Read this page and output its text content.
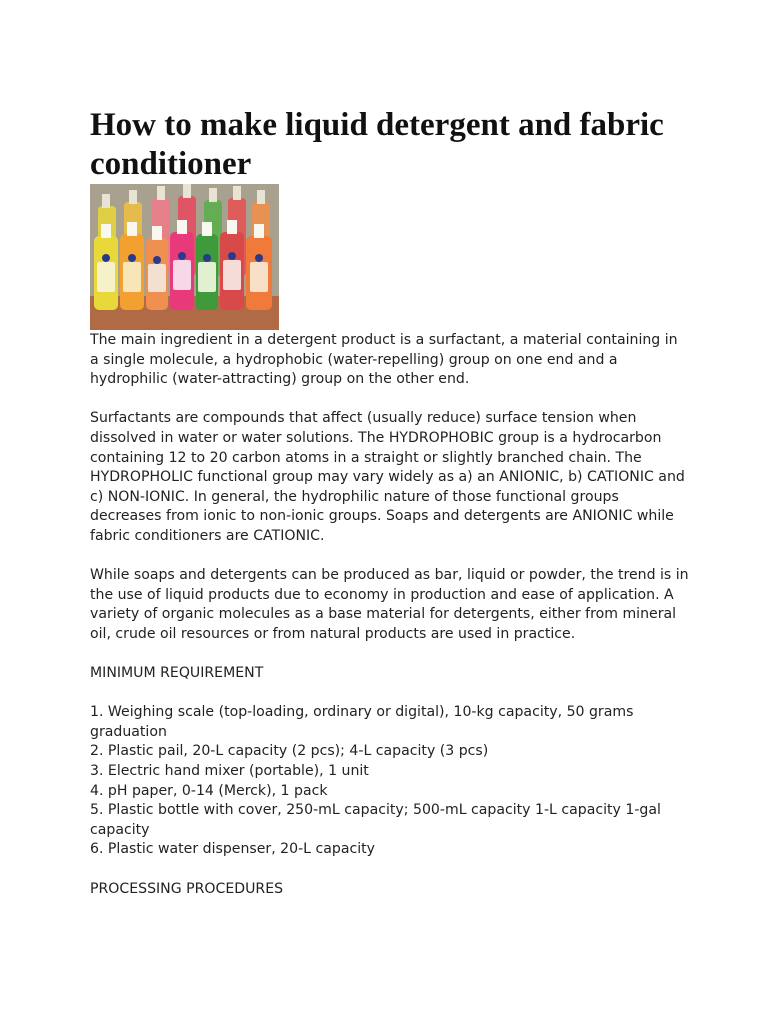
How to make liquid detergent and fabric conditioner

The main ingredient in a detergent product is a surfactant, a material containing in a single molecule, a hydrophobic (water-repelling) group on one end and a hydrophilic (water-attracting) group on the other end.

Surfactants are compounds that affect (usually reduce) surface tension when dissolved in water or water solutions. The HYDROPHOBIC group is a hydrocarbon containing 12 to 20 carbon atoms in a straight or slightly branched chain. The HYDROPHOLIC functional group may vary widely as a) an ANIONIC, b) CATIONIC and c) NON-IONIC. In general, the hydrophilic nature of those functional groups decreases from ionic to non-ionic groups. Soaps and detergents are ANIONIC while fabric conditioners are CATIONIC.

While soaps and detergents can be produced as bar, liquid or powder, the trend is in the use of liquid products due to economy in production and ease of application. A variety of organic molecules as a base material for detergents, either from mineral oil, crude oil resources or from natural products are used in practice.

MINIMUM REQUIREMENT

1. Weighing scale (top-loading, ordinary or digital), 10-kg capacity, 50 grams graduation
2. Plastic pail, 20-L capacity (2 pcs); 4-L capacity (3 pcs)
3. Electric hand mixer (portable), 1 unit
4. pH paper, 0-14 (Merck), 1 pack
5. Plastic bottle with cover, 250-mL capacity; 500-mL capacity 1-L capacity 1-gal capacity
6. Plastic water dispenser, 20-L capacity

PROCESSING PROCEDURES
